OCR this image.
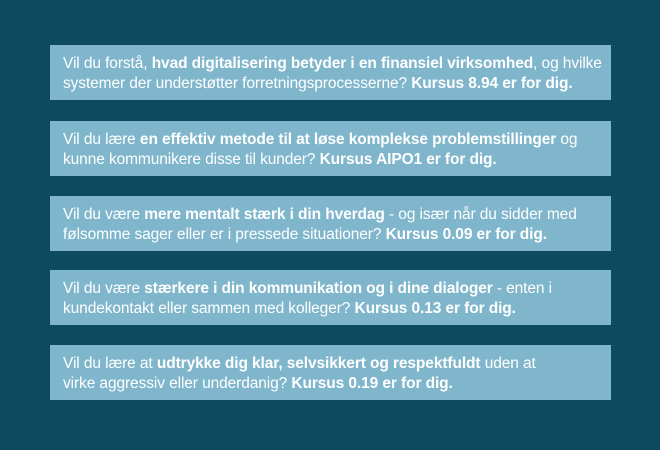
Vil du forstå, hvad digitalisering betyder i en finansiel virksomhed, og hvilke
systemer der understøtter forretningsprocesserne? Kursus 8.94 er for dig.
Vil du lære en effektiv metode til at løse komplekse problemstillinger og
kunne kommunikere disse til kunder? Kursus AIPO1 er for dig.
Vil du være mere mentalt stærk i din hverdag - og især når du sidder med
følsomme sager eller er i pressede situationer? Kursus 0.09 er for dig.
Vil du være stærkere i din kommunikation og i dine dialoger - enten i
kundekontakt eller sammen med kolleger? Kursus 0.13 er for dig.
Vil du lære at udtrykke dig klar, selvsikkert og respektfuldt uden at
virke aggressiv eller underdanig? Kursus 0.19 er for dig.
